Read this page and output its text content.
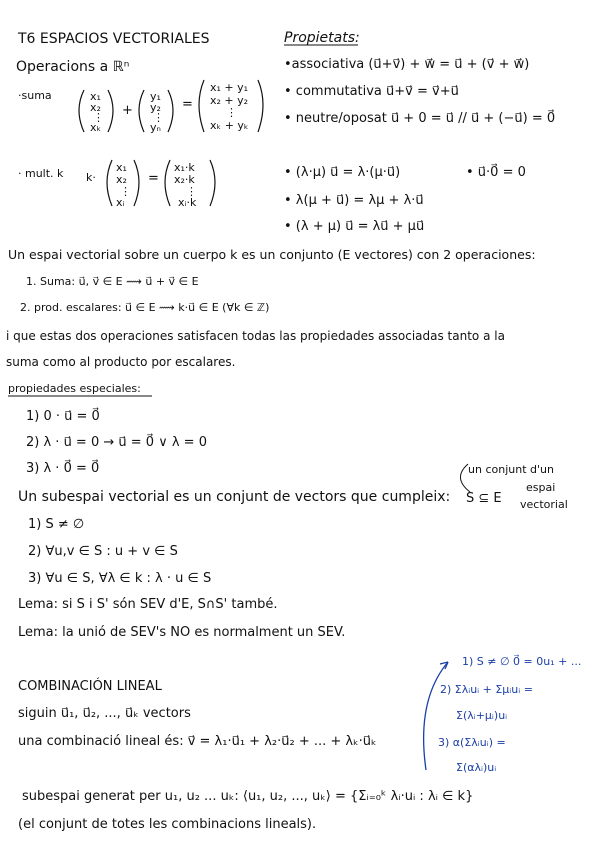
T6 ESPACIOS VECTORIALES	Propietats:
•associativa (u⃗+v⃗) + w⃗ = u⃗ + (v⃗ + w⃗)
• commutativa u⃗+v⃗ = v⃗+u⃗
• neutre/oposat u⃗ + 0 = u⃗ // u⃗ + (−u⃗) = 0⃗
• (λ·μ) u⃗ = λ·(μ·u⃗)	• u⃗·0⃗ = 0
• λ(μ + u⃗) = λμ + λ·u⃗
• (λ + μ) u⃗ = λu⃗ + μu⃗
Operacions a ℝⁿ
·suma	x₁
x₂
⋮
xₖ
+
y₁
y₂
⋮
yₙ
=
x₁ + y₁
x₂ + y₂
⋮
xₖ + yₖ
· mult. k k·
x₁
x₂
⋮
xᵢ
=
x₁·k
x₂·k
⋮
xᵢ·k
Un espai vectorial sobre un cuerpo k es un conjunto (E vectores) con 2 operaciones:
1. Suma: u⃗, v⃗ ∈ E ⟿ u⃗ + v⃗ ∈ E
2. prod. escalares: u⃗ ∈ E ⟿ k·u⃗ ∈ E (∀k ∈ ℤ)
i que estas dos operaciones satisfacen todas las propiedades associadas tanto a la
suma como al producto por escalares.
propiedades especiales:
1) 0 · u⃗ = 0⃗
2) λ · u⃗ = 0 → u⃗ = 0⃗ ∨ λ = 0
3) λ · 0⃗ = 0⃗
Un subespai vectorial es un conjunt de vectors que cumpleix: S ⊆ E
un conjunt d'un
espai
vectorial
1) S ≠ ∅
2) ∀u,v ∈ S : u + v ∈ S
3) ∀u ∈ S, ∀λ ∈ k : λ · u ∈ S
Lema: si S i S' són SEV d'E, S∩S' també.
Lema: la unió de SEV's NO es normalment un SEV.
COMBINACIÓN LINEAL
siguin u⃗₁, u⃗₂, ..., u⃗ₖ vectors
una combinació lineal és: v⃗ = λ₁·u⃗₁ + λ₂·u⃗₂ + ... + λₖ·u⃗ₖ
1) S ≠ ∅ 0⃗ = 0u₁ + ...
2) Σλᵢuᵢ + Σμᵢuᵢ =
Σ(λᵢ+μᵢ)uᵢ
3) α(Σλᵢuᵢ) =
Σ(αλᵢ)uᵢ
subespai generat per u₁, u₂ ... uₖ: ⟨u₁, u₂, ..., uₖ⟩ = {Σᵢ₌₀ᵏ λᵢ·uᵢ : λᵢ ∈ k}
(el conjunt de totes les combinacions lineals).
